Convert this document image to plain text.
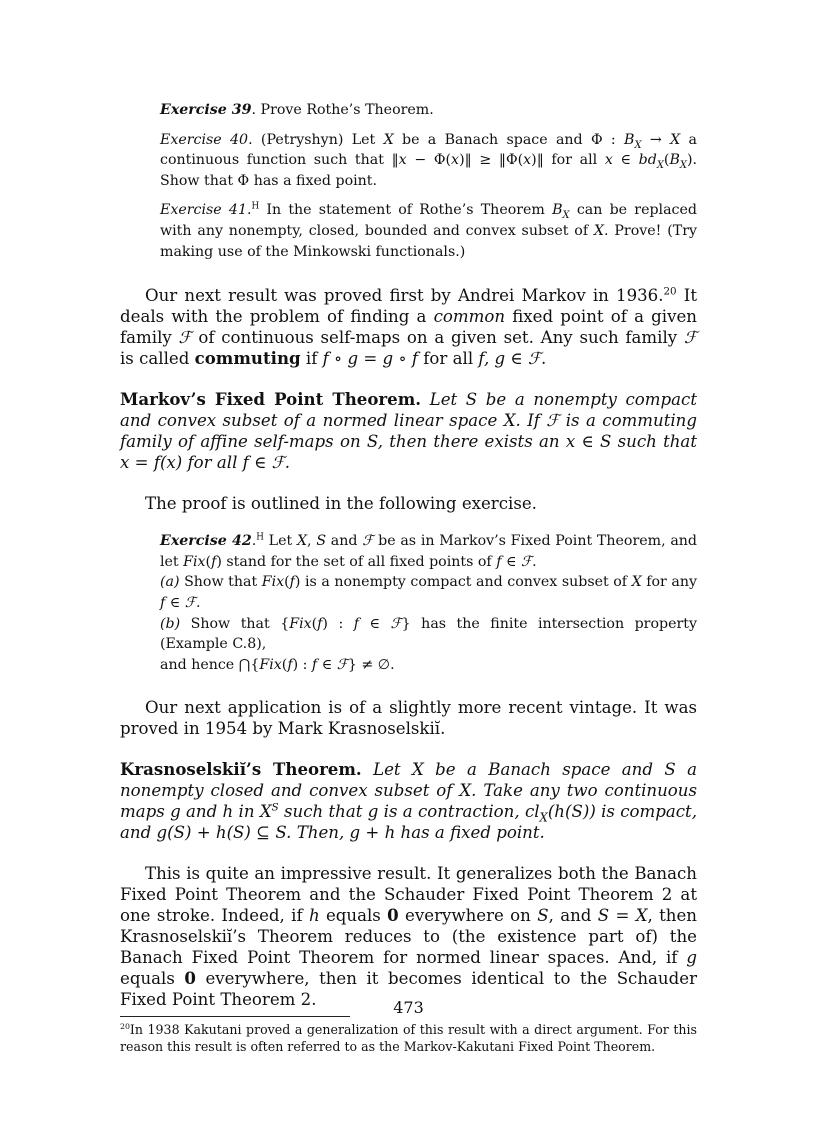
Exercise 39. Prove Rothe’s Theorem.

Exercise 40. (Petryshyn) Let X be a Banach space and Φ : $B_X \to X$ a continuous function such that ‖x − Φ(x)‖ ≥ ‖Φ(x)‖ for all x ∈ $bd_X(B_X)$. Show that Φ has a fixed point.

Exercise 41.$^H$ In the statement of Rothe’s Theorem $B_X$ can be replaced with any nonempty, closed, bounded and convex subset of X. Prove! (Try making use of the Minkowski functionals.)

Our next result was proved first by Andrei Markov in 1936.20 It deals with the problem of finding a common fixed point of a given family ℱ of continuous self-maps on a given set. Any such family ℱ is called commuting if f ∘ g = g ∘ f for all f, g ∈ ℱ.

Markov’s Fixed Point Theorem. Let S be a nonempty compact and convex subset of a normed linear space X. If ℱ is a commuting family of affine self-maps on S, then there exists an x ∈ S such that x = f(x) for all f ∈ ℱ.

The proof is outlined in the following exercise.

Exercise 42.$^H$ Let X, S and ℱ be as in Markov’s Fixed Point Theorem, and let Fix(f) stand for the set of all fixed points of f ∈ ℱ.

(a) Show that Fix(f) is a nonempty compact and convex subset of X for any f ∈ ℱ.

(b) Show that {Fix(f) : f ∈ ℱ} has the finite intersection property (Example C.8),

and hence ⋂{Fix(f) : f ∈ ℱ} ≠ ∅.

Our next application is of a slightly more recent vintage. It was proved in 1954 by Mark Krasnoselskiĭ.

Krasnoselskiĭ’s Theorem. Let X be a Banach space and S a nonempty closed and convex subset of X. Take any two continuous maps g and h in $X^S$ such that g is a contraction, $cl_X(h(S))$ is compact, and g(S) + h(S) ⊆ S. Then, g + h has a fixed point.

This is quite an impressive result. It generalizes both the Banach Fixed Point Theorem and the Schauder Fixed Point Theorem 2 at one stroke. Indeed, if h equals 0 everywhere on S, and S = X, then Krasnoselskiĭ’s Theorem reduces to (the existence part of) the Banach Fixed Point Theorem for normed linear spaces. And, if g equals 0 everywhere, then it becomes identical to the Schauder Fixed Point Theorem 2.

$^{20}$In 1938 Kakutani proved a generalization of this result with a direct argument. For this reason this result is often referred to as the Markov-Kakutani Fixed Point Theorem.

473
